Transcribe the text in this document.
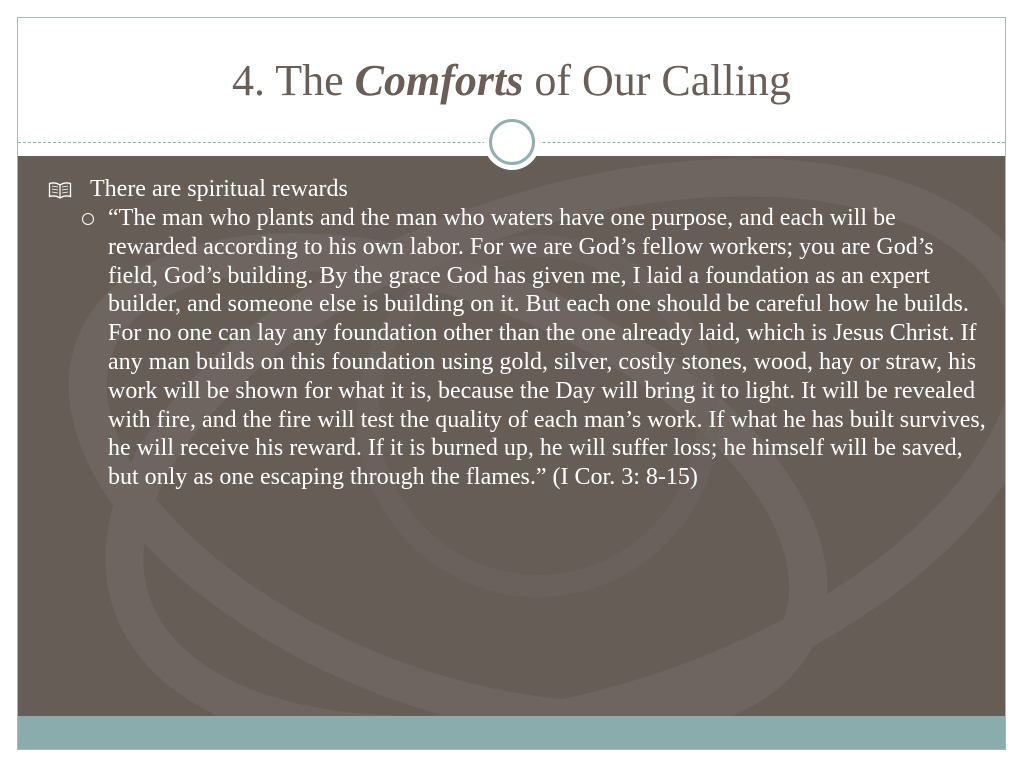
4. The Comforts of Our Calling
There are spiritual rewards
“The man who plants and the man who waters have one purpose, and each will be rewarded according to his own labor. For we are God’s fellow workers; you are God’s field, God’s building. By the grace God has given me, I laid a foundation as an expert builder, and someone else is building on it. But each one should be careful how he builds. For no one can lay any foundation other than the one already laid, which is Jesus Christ. If any man builds on this foundation using gold, silver, costly stones, wood, hay or straw, his work will be shown for what it is, because the Day will bring it to light. It will be revealed with fire, and the fire will test the quality of each man’s work. If what he has built survives, he will receive his reward. If it is burned up, he will suffer loss; he himself will be saved, but only as one escaping through the flames.” (I Cor. 3: 8-15)
